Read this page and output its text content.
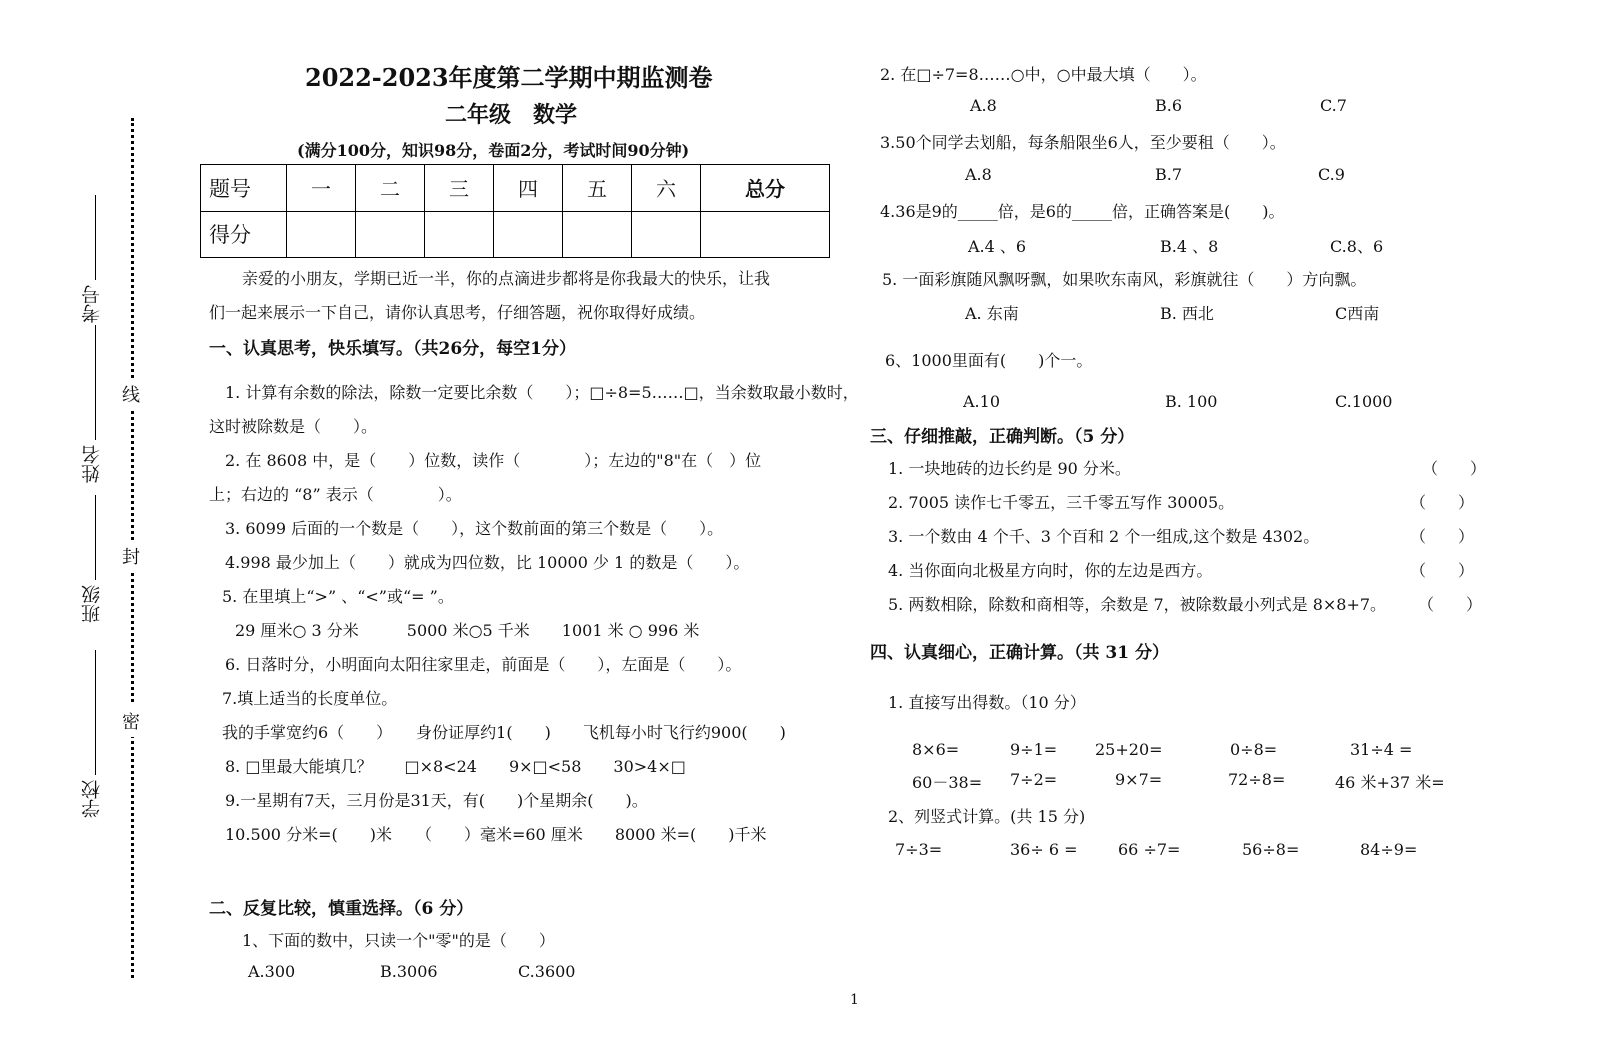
线
封
密
考号
姓名
班级
学校
2022-2023年度第二学期中期监测卷
二年级　数学
(满分100分，知识98分，卷面2分，考试时间90分钟)
题号	一	二	三	四	五	六	总分
得分							
亲爱的小朋友，学期已近一半，你的点滴进步都将是你我最大的快乐，让我
们一起来展示一下自己，请你认真思考，仔细答题，祝你取得好成绩。
一、认真思考，快乐填写。（共26分，每空1分）
1. 计算有余数的除法，除数一定要比余数（　　）；□÷8=5……□，当余数取最小数时，
这时被除数是（　　）。
2. 在 8608 中，是（　　）位数，读作（　　　　）；左边的"8"在（　）位
上；右边的 “8” 表示（　　　　）。
3. 6099 后面的一个数是（　　），这个数前面的第三个数是（　　）。
4.998 最少加上（　　）就成为四位数，比 10000 少 1 的数是（　　）。
5. 在里填上“>” 、“<”或“= ”。
29 厘米○ 3 分米　　　5000 米○5 千米　　1001 米 ○ 996 米
6. 日落时分，小明面向太阳往家里走，前面是（　　），左面是（　　）。
7.填上适当的长度单位。
我的手掌宽约6（　　）　　身份证厚约1(　　)　　飞机每小时飞行约900(　　)
8. □里最大能填几？　　□×8<24　　9×□<58　　30>4×□
9.一星期有7天，三月份是31天，有(　　)个星期余(　　)。
10.500 分米=(　　)米　　（　　）毫米=60 厘米　　8000 米=(　　)千米
二、反复比较，慎重选择。（6 分）
1、下面的数中，只读一个"零"的是（　　）
A.300	B.3006	C.3600
2. 在□÷7=8……○中，○中最大填（　　）。
A.8	B.6	C.7
3.50个同学去划船，每条船限坐6人，至少要租（　　）。
A.8	B.7	C.9
4.36是9的_____倍，是6的_____倍，正确答案是(　　)。
A.4 、6	B.4 、8	C.8、6
5. 一面彩旗随风飘呀飘，如果吹东南风，彩旗就往（　　）方向飘。
A. 东南	B. 西北	C西南
6、1000里面有(　　)个一。
A.10	B. 100	C.1000
三、仔细推敲，正确判断。（5 分）
1. 一块地砖的边长约是 90 分米。	（　　）
2. 7005 读作七千零五，三千零五写作 30005。	（　　）
3. 一个数由 4 个千、3 个百和 2 个一组成,这个数是 4302。	（　　）
4. 当你面向北极星方向时，你的左边是西方。	（　　）
5. 两数相除，除数和商相等，余数是 7，被除数最小列式是 8×8+7。 （　　）
四、认真细心，正确计算。（共 31 分）
1. 直接写出得数。（10 分）
8×6=	9÷1= 25+20=	0÷8=	31÷4 =
60－38= 7÷2=	9×7=	72÷8=	46 米+37 米=
2、列竖式计算。(共 15 分)
7÷3=	36÷ 6 =	66 ÷7=	56÷8=	84÷9=
1
